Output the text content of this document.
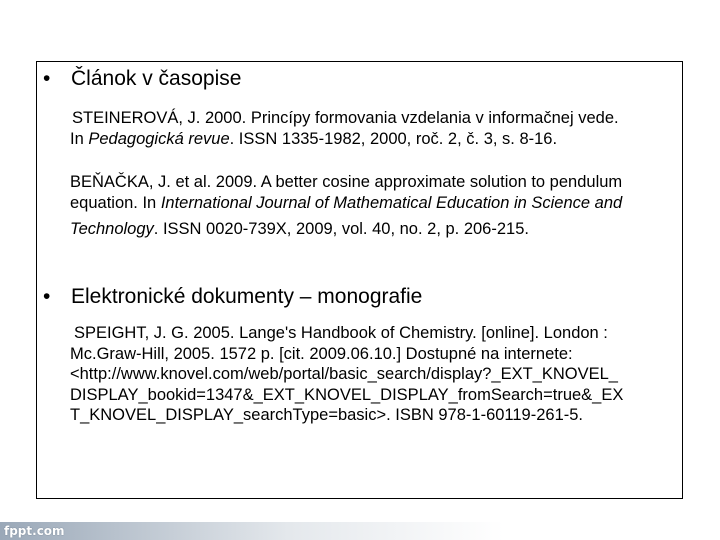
• Článok v časopise
STEINEROVÁ, J. 2000. Princípy formovania vzdelania v informačnej vede.
In Pedagogická revue. ISSN 1335-1982, 2000, roč. 2, č. 3, s. 8-16.
BEŇAČKA, J. et al. 2009. A better cosine approximate solution to pendulum
equation. In International Journal of Mathematical Education in Science and
Technology. ISSN 0020-739X, 2009, vol. 40, no. 2, p. 206-215.
• Elektronické dokumenty – monografie
SPEIGHT, J. G. 2005. Lange's Handbook of Chemistry. [online]. London :
Mc.Graw-Hill, 2005. 1572 p. [cit. 2009.06.10.] Dostupné na internete:
<http://www.knovel.com/web/portal/basic_search/display?_EXT_KNOVEL_
DISPLAY_bookid=1347&_EXT_KNOVEL_DISPLAY_fromSearch=true&_EX
T_KNOVEL_DISPLAY_searchType=basic>. ISBN 978-1-60119-261-5.
fppt.com
